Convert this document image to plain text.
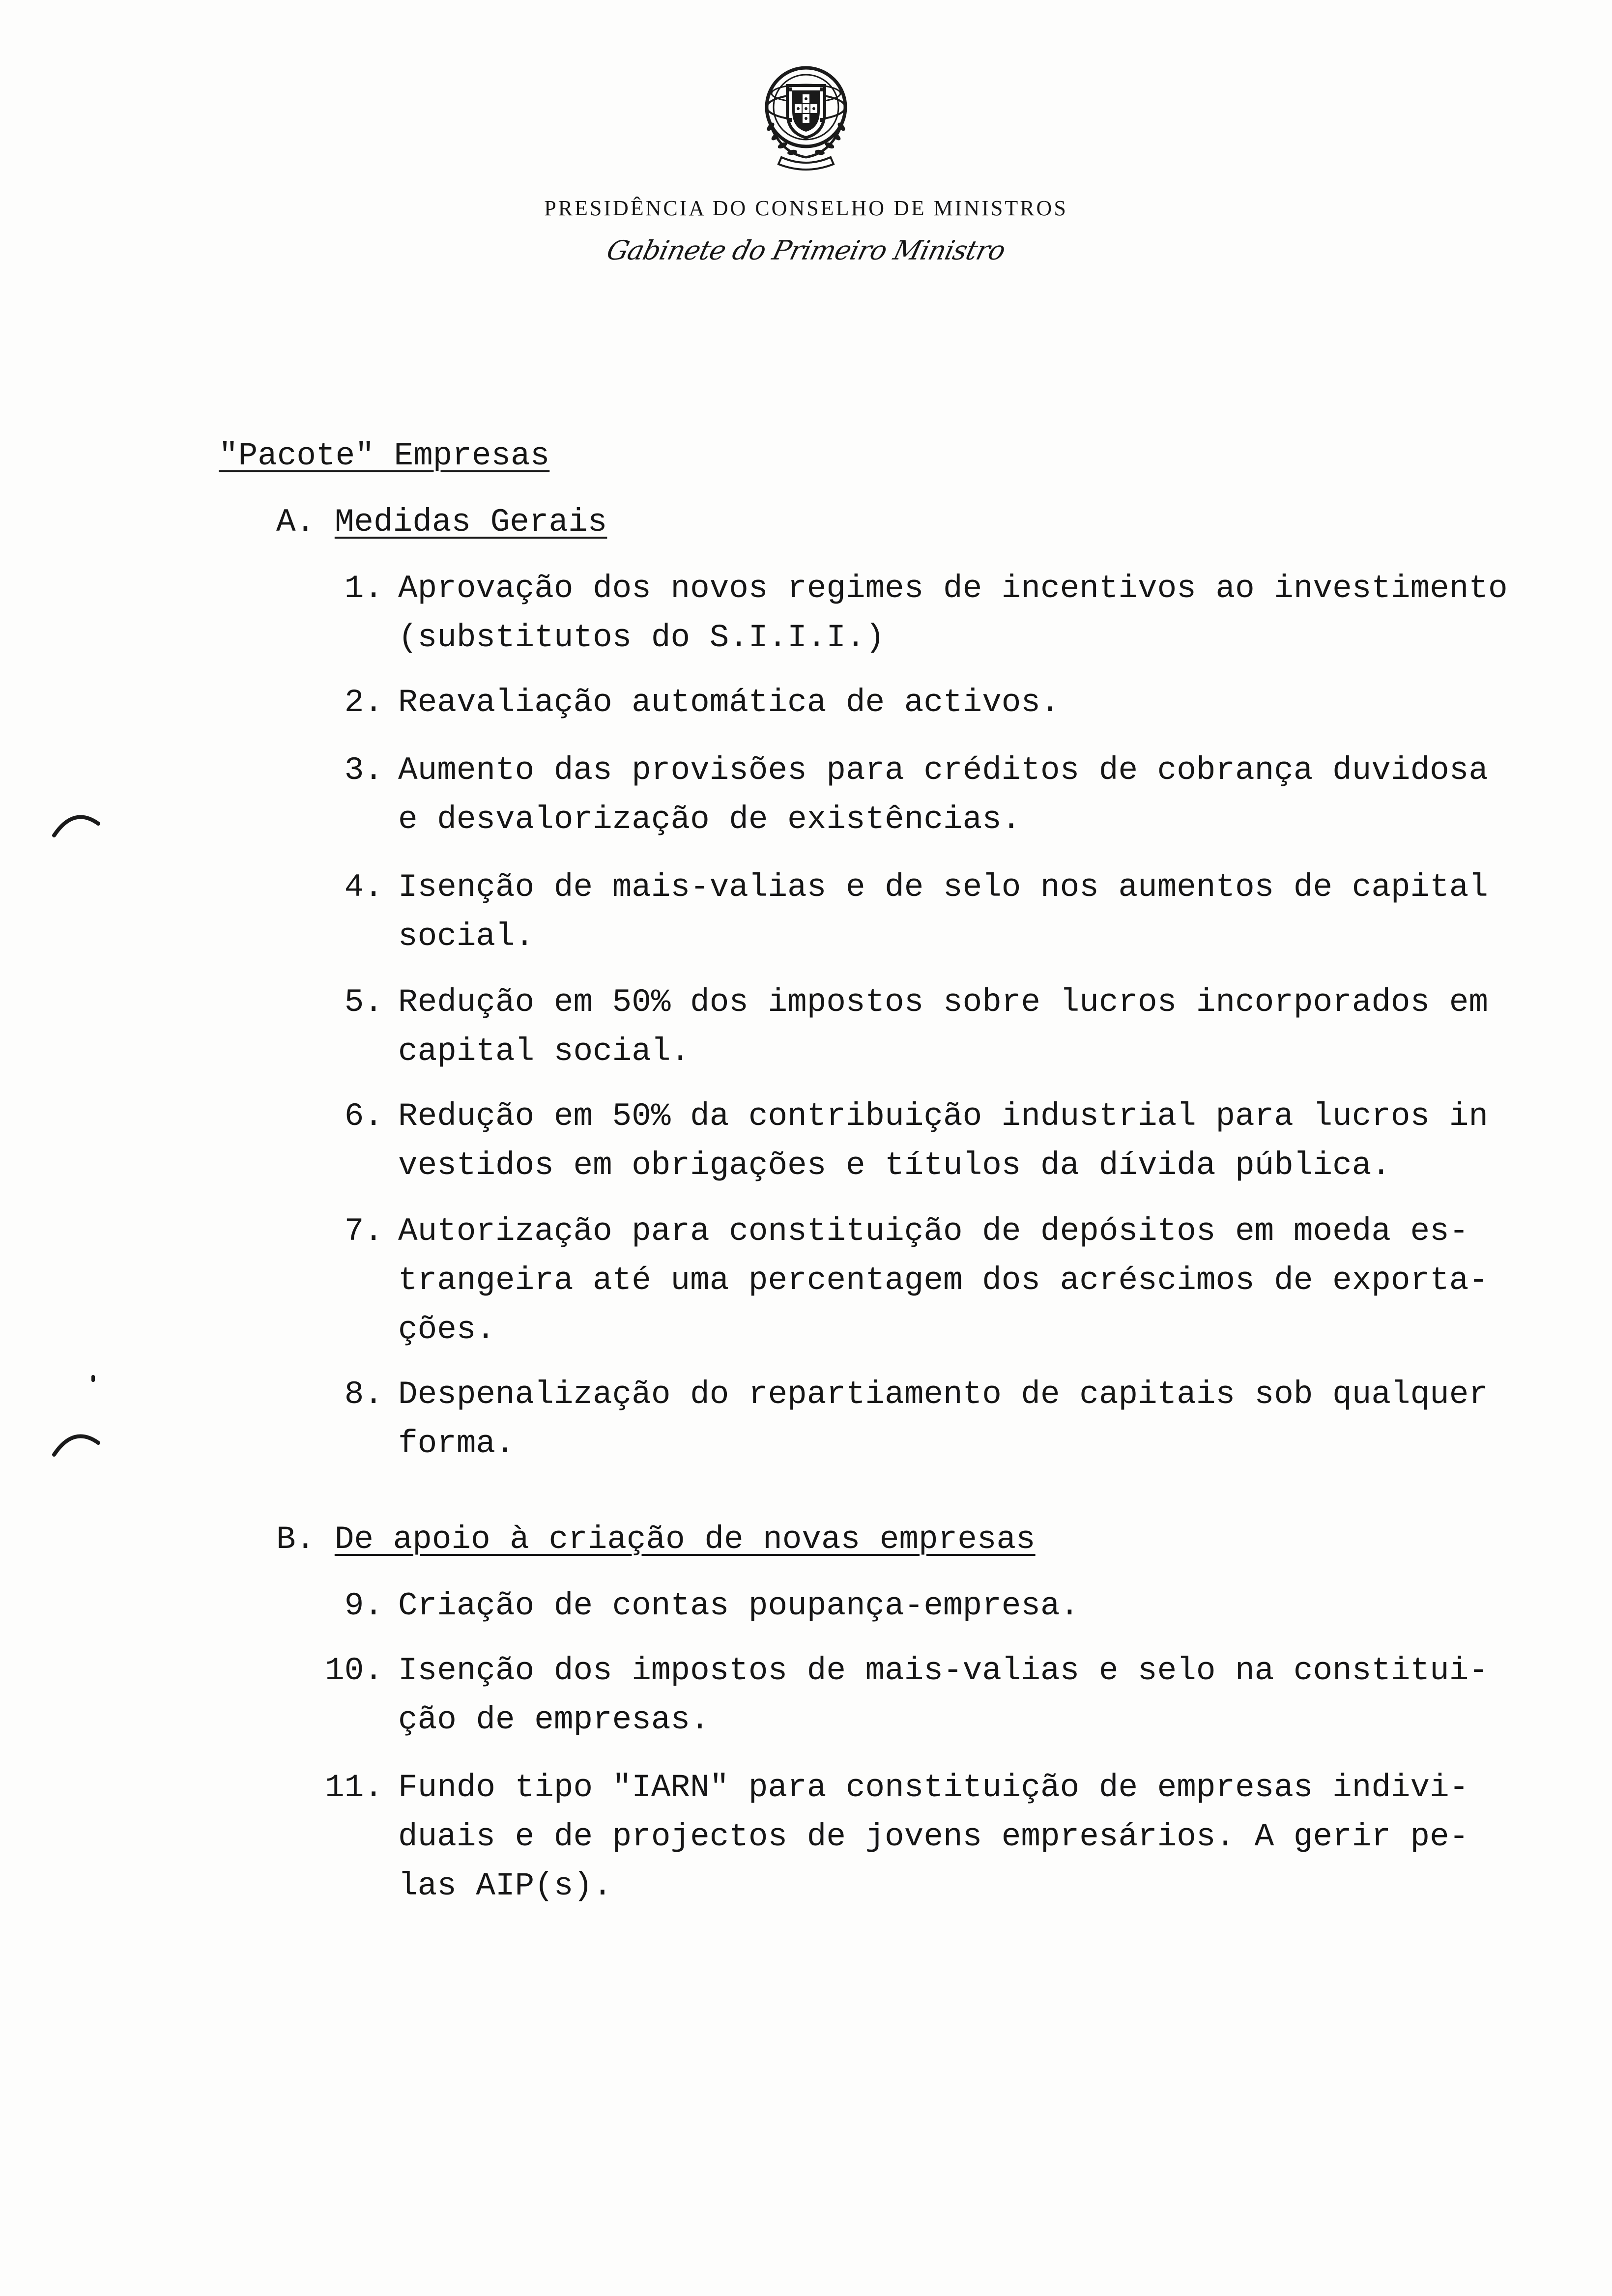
PRESIDÊNCIA DO CONSELHO DE MINISTROS
Gabinete do Primeiro Ministro
"Pacote" Empresas
A. Medidas Gerais
1. Aprovação dos novos regimes de incentivos ao investimento
(substitutos do S.I.I.I.)
2. Reavaliação automática de activos.
3. Aumento das provisões para créditos de cobrança duvidosa
e desvalorização de existências.
4. Isenção de mais-valias e de selo nos aumentos de capital
social.
5. Redução em 50% dos impostos sobre lucros incorporados em
capital social.
6. Redução em 50% da contribuição industrial para lucros in
vestidos em obrigações e títulos da dívida pública.
7. Autorização para constituição de depósitos em moeda es-
trangeira até uma percentagem dos acréscimos de exporta-
ções.
8. Despenalização do repartiamento de capitais sob qualquer
forma.
B. De apoio à criação de novas empresas
9. Criação de contas poupança-empresa.
10. Isenção dos impostos de mais-valias e selo na constitui-
ção de empresas.
11. Fundo tipo "IARN" para constituição de empresas indivi-
duais e de projectos de jovens empresários. A gerir pe-
las AIP(s).
